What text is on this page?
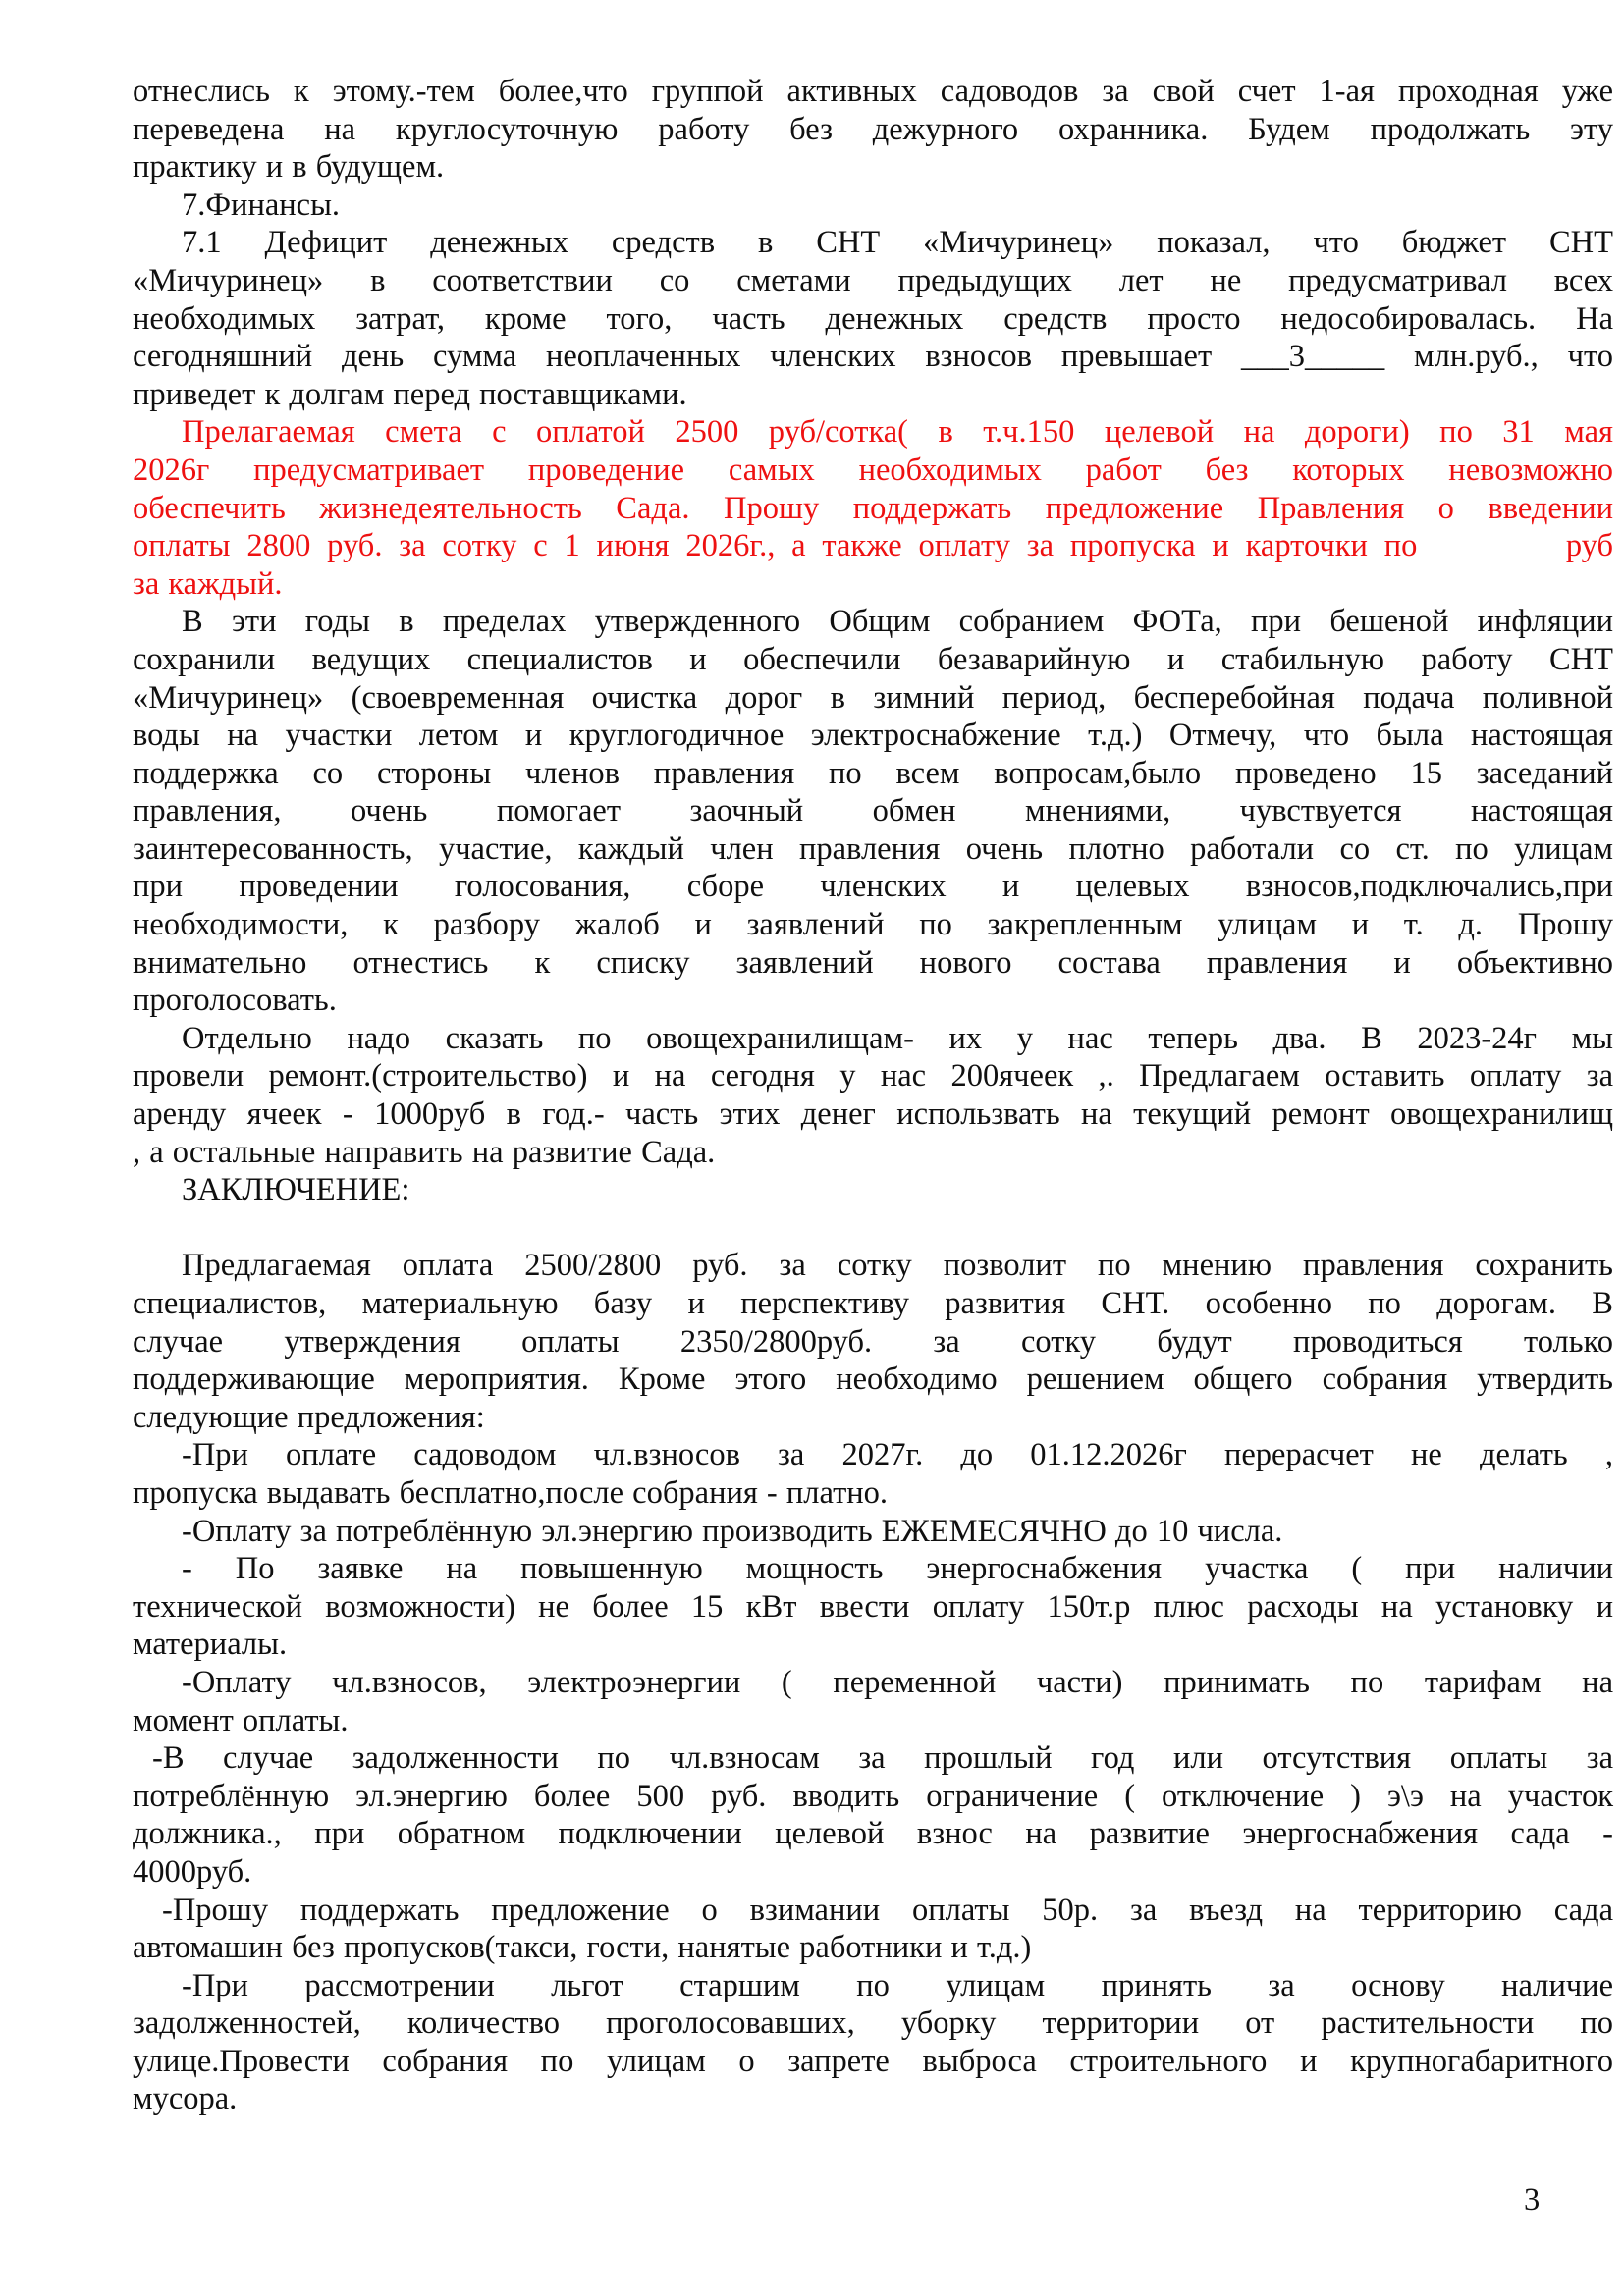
отнеслись к этому.-тем более,что группой активных садоводов за свой счет 1-ая проходная уже
переведена на круглосуточную работу без дежурного охранника. Будем продолжать эту
практику и в будущем.
7.Финансы.
7.1 Дефицит денежных средств в СНТ «Мичуринец» показал, что бюджет СНТ
«Мичуринец» в соответствии со сметами предыдущих лет не предусматривал всех
необходимых затрат, кроме того, часть денежных средств просто недособировалась. На
сегодняшний день сумма неоплаченных членских взносов превышает ___3_____ млн.руб., что
приведет к долгам перед поставщиками.
Прелагаемая смета с оплатой 2500 руб/сотка( в т.ч.150 целевой на дороги) по 31 мая
2026г предусматривает проведение самых необходимых работ без которых невозможно
обеспечить жизнедеятельность Сада. Прошу поддержать предложение Правления о введении
оплаты 2800 руб. за сотку с 1 июня 2026г., а также оплату за пропуска и карточки по         руб
за каждый.
В эти годы в пределах утвержденного Общим собранием ФОТа, при бешеной инфляции
сохранили ведущих специалистов и обеспечили безаварийную и стабильную работу СНТ
«Мичуринец» (своевременная очистка дорог в зимний период, бесперебойная подача поливной
воды на участки летом и круглогодичное электроснабжение т.д.) Отмечу, что была настоящая
поддержка со стороны членов правления по всем вопросам,было проведено 15 заседаний
правления, очень помогает заочный обмен мнениями, чувствуется настоящая
заинтересованность, участие, каждый член правления очень плотно работали со ст. по улицам
при проведении голосования, сборе членских и целевых взносов,подключались,при
необходимости, к разбору жалоб и заявлений по закрепленным улицам и т. д. Прошу
внимательно отнестись к списку заявлений нового состава правления и объективно
проголосовать.
Отдельно надо сказать по овощехранилищам- их у нас теперь два. В 2023-24г мы
провели ремонт.(строительство) и на сегодня у нас 200ячеек ,. Предлагаем оставить оплату за
аренду ячеек - 1000руб в год.- часть этих денег использвать на текущий ремонт овощехранилищ
, а остальные направить на развитие Сада.
ЗАКЛЮЧЕНИЕ:
Предлагаемая оплата 2500/2800 руб. за сотку позволит по мнению правления сохранить
специалистов, материальную базу и перспективу развития СНТ. особенно по дорогам. В
случае утверждения оплаты 2350/2800руб. за сотку будут проводиться только
поддерживающие мероприятия. Кроме этого необходимо решением общего собрания утвердить
следующие предложения:
-При оплате садоводом чл.взносов за 2027г. до 01.12.2026г перерасчет не делать ,
пропуска выдавать бесплатно,после собрания - платно.
-Оплату за потреблённую эл.энергию производить ЕЖЕМЕСЯЧНО до 10 числа.
- По заявке на повышенную мощность энергоснабжения участка ( при наличии
технической возможности) не более 15 кВт ввести оплату 150т.р плюс расходы на установку и
материалы.
-Оплату чл.взносов, электроэнергии ( переменной части) принимать по тарифам на
момент оплаты.
-В случае задолженности по чл.взносам за прошлый год или отсутствия оплаты за
потреблённую эл.энергию более 500 руб. вводить ограничение ( отключение ) э\э на участок
должника., при обратном подключении целевой взнос на развитие энергоснабжения сада -
4000руб.
-Прошу поддержать предложение о взимании оплаты 50р. за въезд на территорию сада
автомашин без пропусков(такси, гости, нанятые работники и т.д.)
-При рассмотрении льгот старшим по улицам принять за основу наличие
задолженностей, количество проголосовавших, уборку территории от растительности по
улице.Провести собрания по улицам о запрете выброса строительного и крупногабаритного
мусора.
3
